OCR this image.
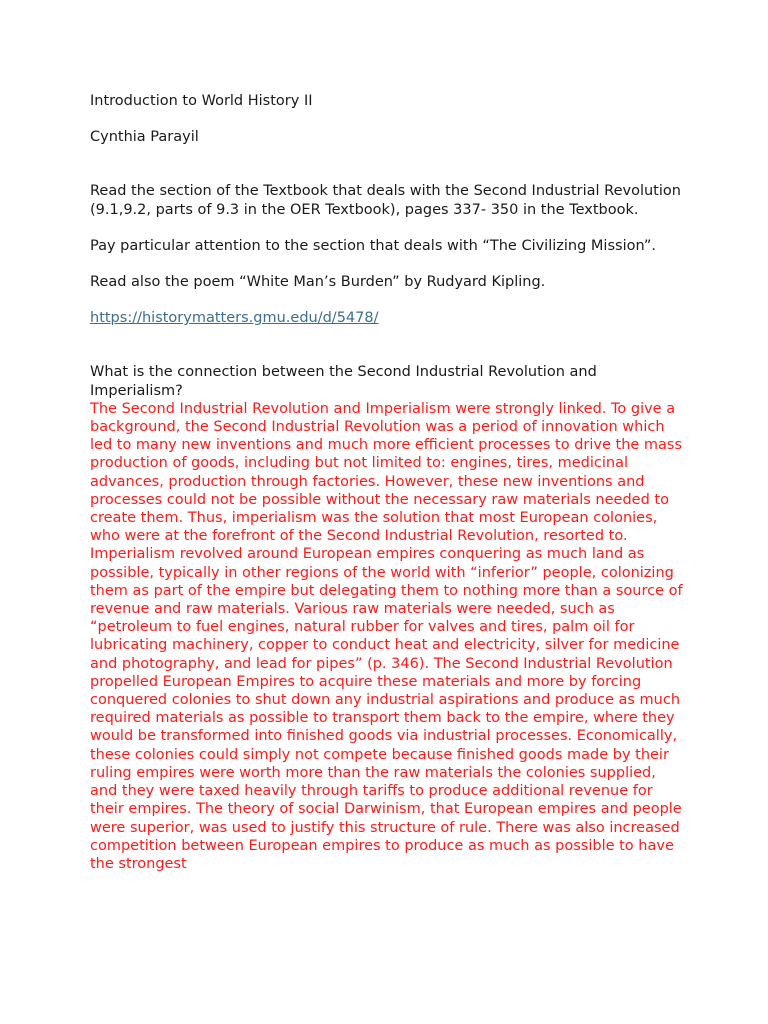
Introduction to World History II

Cynthia Parayil

Read the section of the Textbook that deals with the Second Industrial Revolution (9.1,9.2, parts of 9.3 in the OER Textbook), pages 337- 350 in the Textbook.

Pay particular attention to the section that deals with “The Civilizing Mission”.

Read also the poem “White Man’s Burden” by Rudyard Kipling.

https://historymatters.gmu.edu/d/5478/

What is the connection between the Second Industrial Revolution and Imperialism?

The Second Industrial Revolution and Imperialism were strongly linked. To give a background, the Second Industrial Revolution was a period of innovation which led to many new inventions and much more efficient processes to drive the mass production of goods, including but not limited to: engines, tires, medicinal advances, production through factories. However, these new inventions and processes could not be possible without the necessary raw materials needed to create them. Thus, imperialism was the solution that most European colonies, who were at the forefront of the Second Industrial Revolution, resorted to. Imperialism revolved around European empires conquering as much land as possible, typically in other regions of the world with “inferior” people, colonizing them as part of the empire but delegating them to nothing more than a source of revenue and raw materials. Various raw materials were needed, such as “petroleum to fuel engines, natural rubber for valves and tires, palm oil for lubricating machinery, copper to conduct heat and electricity, silver for medicine and photography, and lead for pipes” (p. 346). The Second Industrial Revolution propelled European Empires to acquire these materials and more by forcing conquered colonies to shut down any industrial aspirations and produce as much required materials as possible to transport them back to the empire, where they would be transformed into finished goods via industrial processes. Economically, these colonies could simply not compete because finished goods made by their ruling empires were worth more than the raw materials the colonies supplied, and they were taxed heavily through tariffs to produce additional revenue for their empires. The theory of social Darwinism, that European empires and people were superior, was used to justify this structure of rule. There was also increased competition between European empires to produce as much as possible to have the strongest
